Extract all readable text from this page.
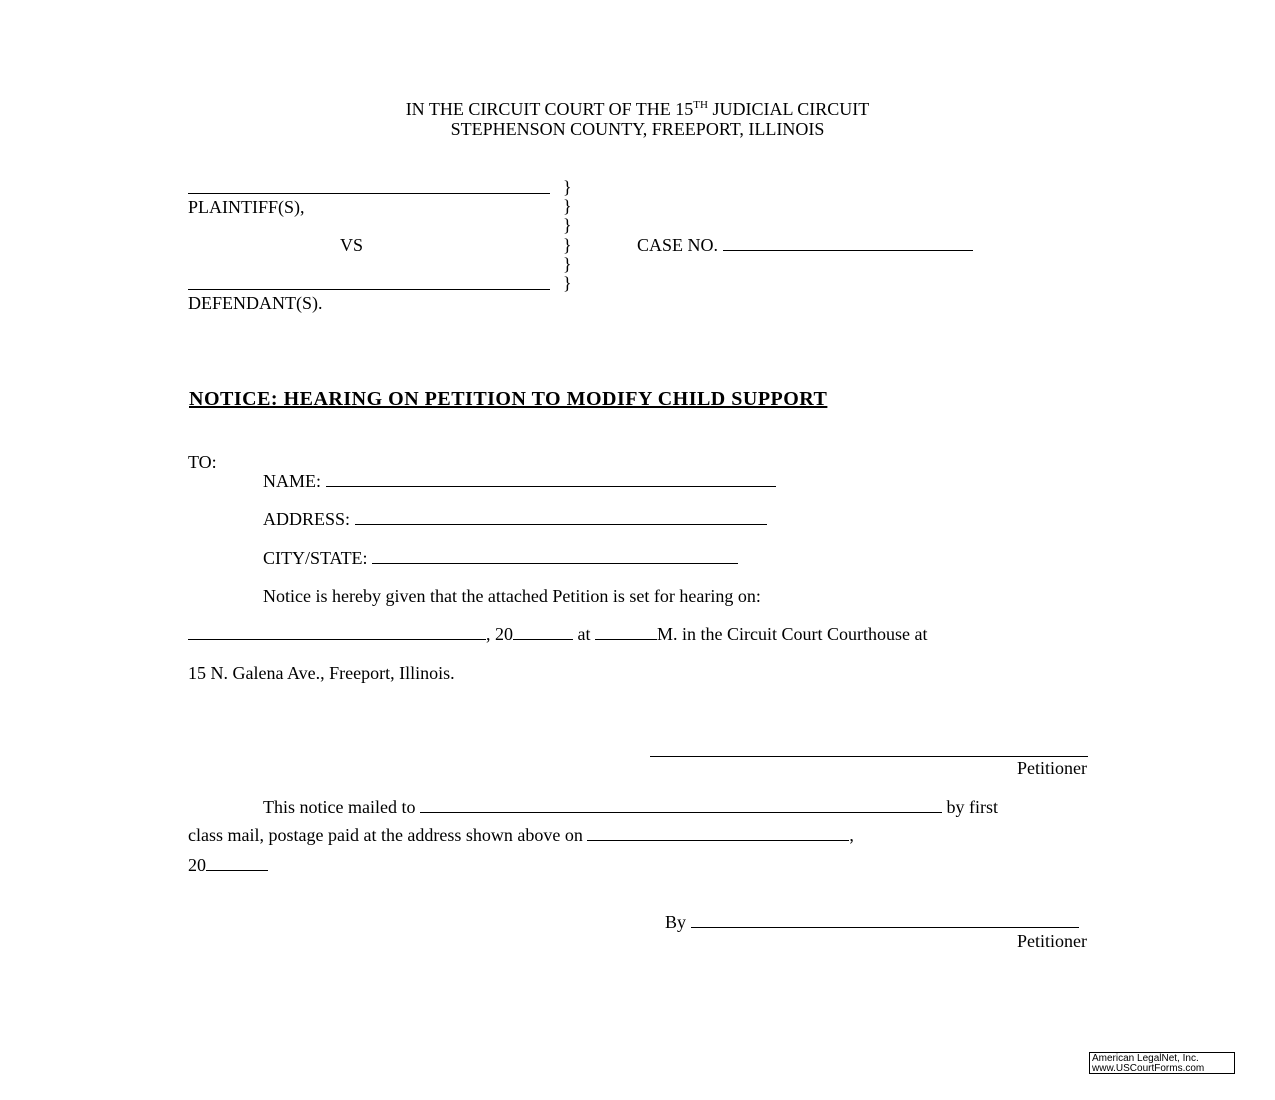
IN THE CIRCUIT COURT OF THE 15TH JUDICIAL CIRCUIT
STEPHENSON COUNTY, FREEPORT, ILLINOIS
PLAINTIFF(S),
VS
DEFENDANT(S).
}
}
}
}
}
}
CASE NO.
NOTICE: HEARING ON PETITION TO MODIFY CHILD SUPPORT
TO:
NAME:
ADDRESS:
CITY/STATE:
Notice is hereby given that the attached Petition is set for hearing on:
, 20	at	M. in the Circuit Court Courthouse at
15 N. Galena Ave., Freeport, Illinois.
Petitioner
This notice mailed to	by first
class mail, postage paid at the address shown above on	,
20
By
Petitioner
American LegalNet, Inc.
www.USCourtForms.com
